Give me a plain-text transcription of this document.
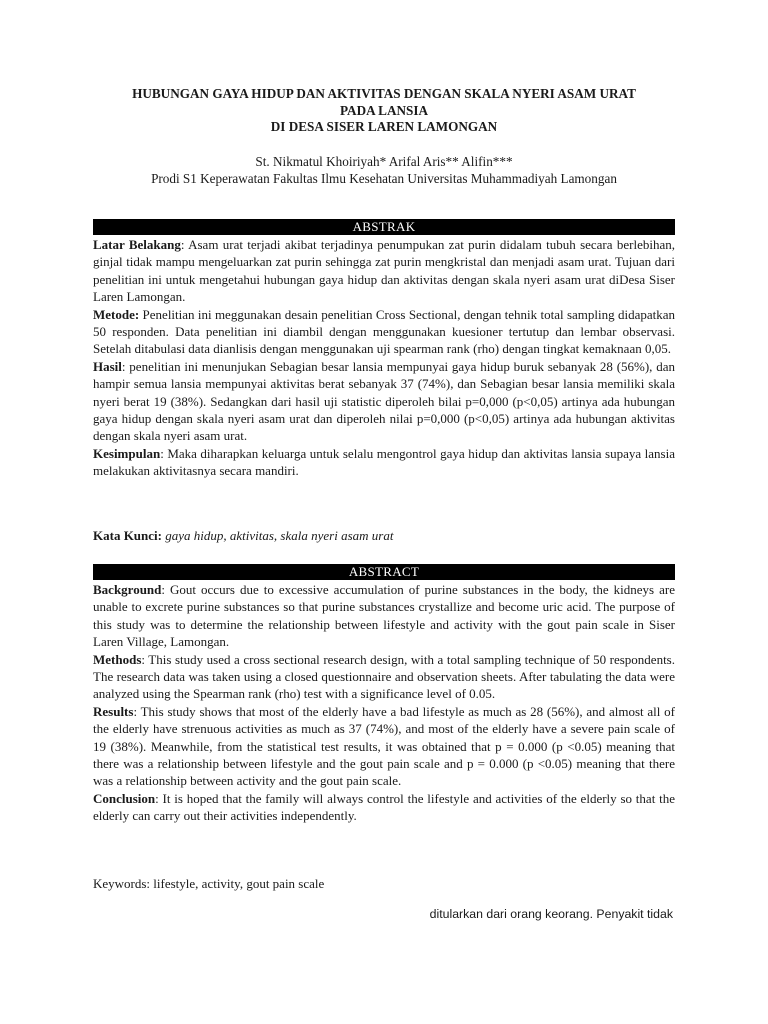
HUBUNGAN GAYA HIDUP DAN AKTIVITAS DENGAN SKALA NYERI ASAM URAT
PADA LANSIA
DI DESA SISER LAREN LAMONGAN
St. Nikmatul Khoiriyah* Arifal Aris** Alifin***
Prodi S1 Keperawatan Fakultas Ilmu Kesehatan Universitas Muhammadiyah Lamongan
ABSTRAK

Latar Belakang: Asam urat terjadi akibat terjadinya penumpukan zat purin didalam tubuh secara berlebihan, ginjal tidak mampu mengeluarkan zat purin sehingga zat purin mengkristal dan menjadi asam urat. Tujuan dari penelitian ini untuk mengetahui hubungan gaya hidup dan aktivitas dengan skala nyeri asam urat diDesa Siser Laren Lamongan.

Metode: Penelitian ini meggunakan desain penelitian Cross Sectional, dengan tehnik total sampling didapatkan 50 responden. Data penelitian ini diambil dengan menggunakan kuesioner tertutup dan lembar observasi. Setelah ditabulasi data dianlisis dengan menggunakan uji spearman rank (rho) dengan tingkat kemaknaan 0,05.

Hasil: penelitian ini menunjukan Sebagian besar lansia mempunyai gaya hidup buruk sebanyak 28 (56%), dan hampir semua lansia mempunyai aktivitas berat sebanyak 37 (74%), dan Sebagian besar lansia memiliki skala nyeri berat 19 (38%). Sedangkan dari hasil uji statistic diperoleh bilai p=0,000 (p<0,05) artinya ada hubungan gaya hidup dengan skala nyeri asam urat dan diperoleh nilai p=0,000 (p<0,05) artinya ada hubungan aktivitas dengan skala nyeri asam urat.

Kesimpulan: Maka diharapkan keluarga untuk selalu mengontrol gaya hidup dan aktivitas lansia supaya lansia melakukan aktivitasnya secara mandiri.

Kata Kunci: gaya hidup, aktivitas, skala nyeri asam urat
ABSTRACT

Background: Gout occurs due to excessive accumulation of purine substances in the body, the kidneys are unable to excrete purine substances so that purine substances crystallize and become uric acid. The purpose of this study was to determine the relationship between lifestyle and activity with the gout pain scale in Siser Laren Village, Lamongan.

Methods: This study used a cross sectional research design, with a total sampling technique of 50 respondents. The research data was taken using a closed questionnaire and observation sheets. After tabulating the data were analyzed using the Spearman rank (rho) test with a significance level of 0.05.

Results: This study shows that most of the elderly have a bad lifestyle as much as 28 (56%), and almost all of the elderly have strenuous activities as much as 37 (74%), and most of the elderly have a severe pain scale of 19 (38%). Meanwhile, from the statistical test results, it was obtained that p = 0.000 (p <0.05) meaning that there was a relationship between lifestyle and the gout pain scale and p = 0.000 (p <0.05) meaning that there was a relationship between activity and the gout pain scale.

Conclusion: It is hoped that the family will always control the lifestyle and activities of the elderly so that the elderly can carry out their activities independently.

Keywords: lifestyle, activity, gout pain scale
ditularkan dari orang keorang. Penyakit tidak
